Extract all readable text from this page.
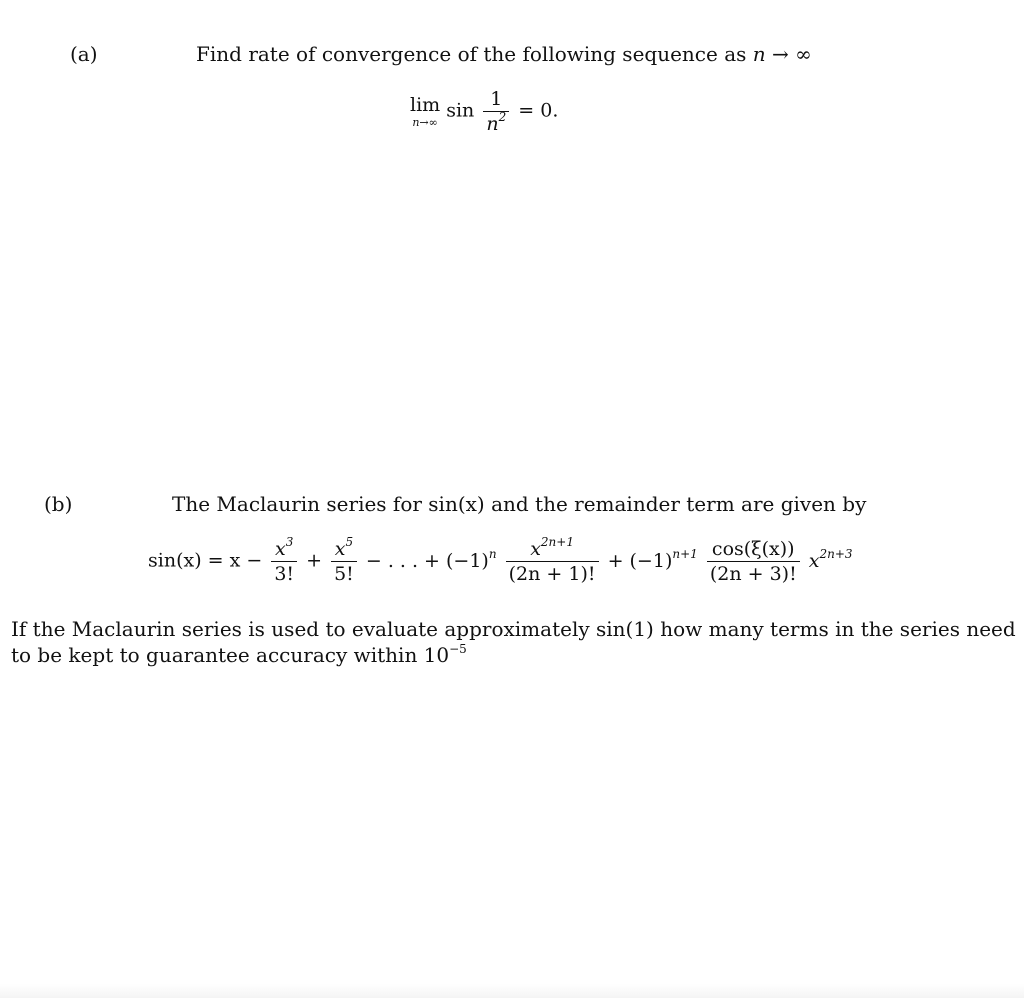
(a)	Find rate of convergence of the following sequence as n → ∞
lim
n→∞
$\sin \frac{1}{n^2} = 0$.
(b)	The Maclaurin series for sin(x) and the remainder term are given by
$\sin(x) = x - \frac{x^3}{3!} + \frac{x^5}{5!}$ − . . . + $(-1)^n \frac{x^{2n+1}}{(2n + 1)!} + (-1)^{n+1} \frac{\cos(\xi(x))}{(2n + 3)!} x^{2n+3}$
If the Maclaurin series is used to evaluate approximately sin(1) how many terms in the series need
to be kept to guarantee accuracy within $10^{-5}$
